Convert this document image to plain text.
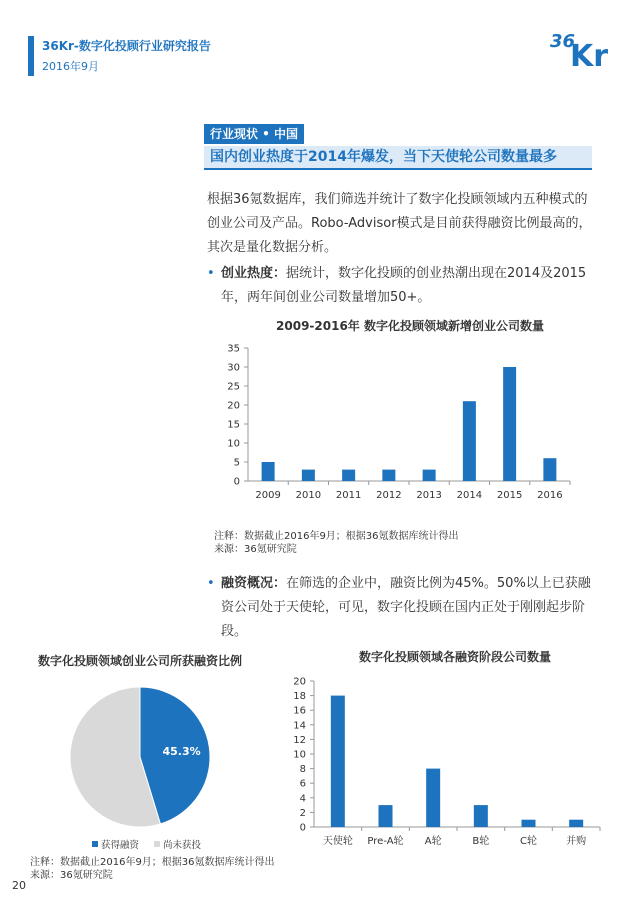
36Kr-数字化投顾行业研究报告
2016年9月
36
Kr
行业现状 • 中国
国内创业热度于2014年爆发，当下天使轮公司数量最多
根据36氪数据库，我们筛选并统计了数字化投顾领域内五种模式的创业公司及产品。Robo-Advisor模式是目前获得融资比例最高的，其次是量化数据分析。
• 创业热度：据统计，数字化投顾的创业热潮出现在2014及2015年，两年间创业公司数量增加50+。
2009-2016年 数字化投顾领域新增创业公司数量
0
5
10
15
20
25
30
35
2009 2010 2011 2012 2013 2014 2015 2016
注释：数据截止2016年9月；根据36氪数据库统计得出
来源：36氪研究院
• 融资概况：在筛选的企业中，融资比例为45%。50%以上已获融资公司处于天使轮，可见，数字化投顾在国内正处于刚刚起步阶段。
数字化投顾领域创业公司所获融资比例
45.3%
获得融资	尚未获投
注释：数据截止2016年9月；根据36氪数据库统计得出
来源：36氪研究院
数字化投顾领域各融资阶段公司数量
0
2
4
6
8
10
12
14
16
18
20
天使轮 Pre-A轮 A轮	B轮	C轮	并购
20
